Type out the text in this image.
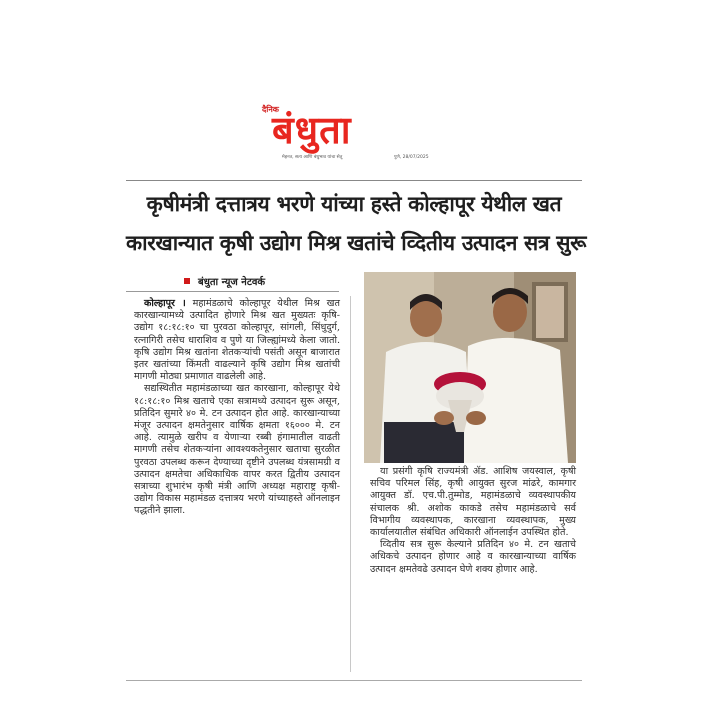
दैनिक
बंधुता
मेहनत, सत्य आणि बंधुभाव यांचा सेतू	पुणे, 28/07/2025
कृषीमंत्री दत्तात्रय भरणे यांच्या हस्ते कोल्हापूर येथील खत
कारखान्यात कृषी उद्योग मिश्र खतांचे व्दितीय उत्पादन सत्र सुरू
बंधुता न्यूज नेटवर्क

कोल्हापूर । महामंडळाचे कोल्हापूर येथील मिश्र खत कारखान्यामध्ये उत्पादित होणारे मिश्र खत मुख्यतः कृषि-उद्योग १८:१८:१० चा पुरवठा कोल्हापूर, सांगली, सिंधुदुर्ग, रत्नागिरी तसेच धाराशिव व पुणे या जिल्ह्यांमध्ये केला जातो. कृषि उद्योग मिश्र खतांना शेतकऱ्यांची पसंती असून बाजारात इतर खतांच्या किंमती वाढल्याने कृषि उद्योग मिश्र खतांची मागणी मोठ्या प्रमाणात वाढलेली आहे.

सद्यस्थितीत महामंडळाच्या खत कारखाना, कोल्हापूर येथे १८:१८:१० मिश्र खताचे एका सत्रामध्ये उत्पादन सुरू असून, प्रतिदिन सुमारे ४० मे. टन उत्पादन होत आहे. कारखान्याच्या मंजूर उत्पादन क्षमतेनुसार वार्षिक क्षमता १६००० मे. टन आहे. त्यामुळे खरीप व येणाऱ्या रब्बी हंगामातील वाढती मागणी तसेच शेतकऱ्यांना आवश्यकतेनुसार खताचा सुरळीत पुरवठा उपलब्ध करून देण्याच्या दृष्टीने उपलब्ध यंत्रसामग्री व उत्पादन क्षमतेचा अधिकाधिक वापर करत द्वितीय उत्पादन सत्राच्या शुभारंभ कृषी मंत्री आणि अध्यक्ष महाराष्ट्र कृषी-उद्योग विकास महामंडळ दत्तात्रय भरणे यांच्याहस्ते ऑनलाइन पद्धतीने झाला.

या प्रसंगी कृषि राज्यमंत्री ॲड. आशिष जयस्वाल, कृषी सचिव परिमल सिंह, कृषी आयुक्त सुरज मांढरे, कामगार आयुक्त डॉ. एच.पी.तुम्मोड, महामंडळाचे व्यवस्थापकीय संचालक श्री. अशोक काकडे तसेच महामंडळाचे सर्व विभागीय व्यवस्थापक, कारखाना व्यवस्थापक, मुख्य कार्यालयातील संबंधित अधिकारी ऑनलाईन उपस्थित होते.

व्दितीय सत्र सुरू केल्याने प्रतिदिन ४० मे. टन खताचे अधिकचे उत्पादन होणार आहे व कारखान्याच्या वार्षिक उत्पादन क्षमतेवढे उत्पादन घेणे शक्य होणार आहे.
